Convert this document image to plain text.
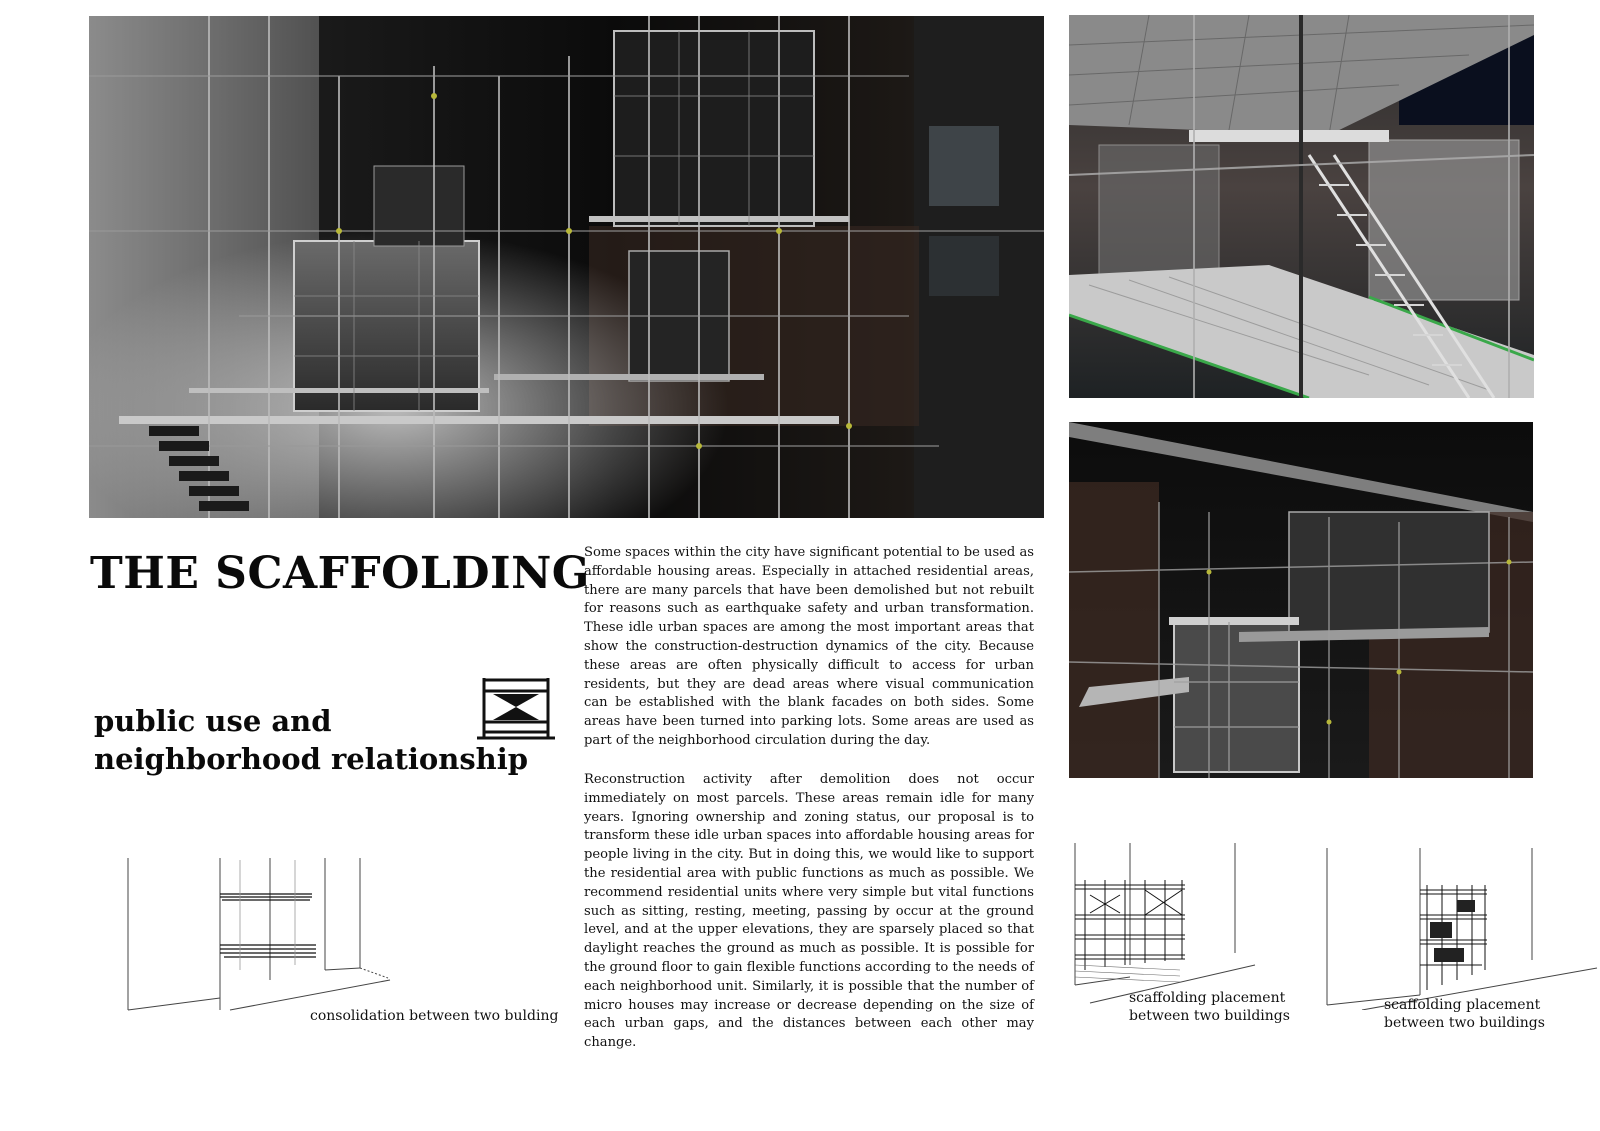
THE SCAFFOLDING
public use and
neighborhood relationship

Some spaces within the city have significant potential to be used as affordable housing areas. Especially in attached residential areas, there are many parcels that have been demolished but not rebuilt for reasons such as earthquake safety and urban transformation. These idle urban spaces are among the most important areas that show the construction-destruction dynamics of the city. Because these areas are often physically difficult to access for urban residents, but they are dead areas where visual communication can be established with the blank facades on both sides. Some areas have been turned into parking lots. Some areas are used as part of the neighborhood circulation during the day.

Reconstruction activity after demolition does not occur immediately on most parcels. These areas remain idle for many years. Ignoring ownership and zoning status, our proposal is to transform these idle urban spaces into affordable housing areas for people living in the city. But in doing this, we would like to support the residential area with public functions as much as possible. We recommend residential units where very simple but vital functions such as sitting, resting, meeting, passing by occur at the ground level, and at the upper elevations, they are sparsely placed so that daylight reaches the ground as much as possible. It is possible for the ground floor to gain flexible functions according to the needs of each neighborhood unit. Similarly, it is possible that the number of micro houses may increase or decrease depending on the size of each urban gaps, and the distances between each other may change.

consolidation between two bulding
scaffolding placement
between two buildings
scaffolding placement
between two buildings
